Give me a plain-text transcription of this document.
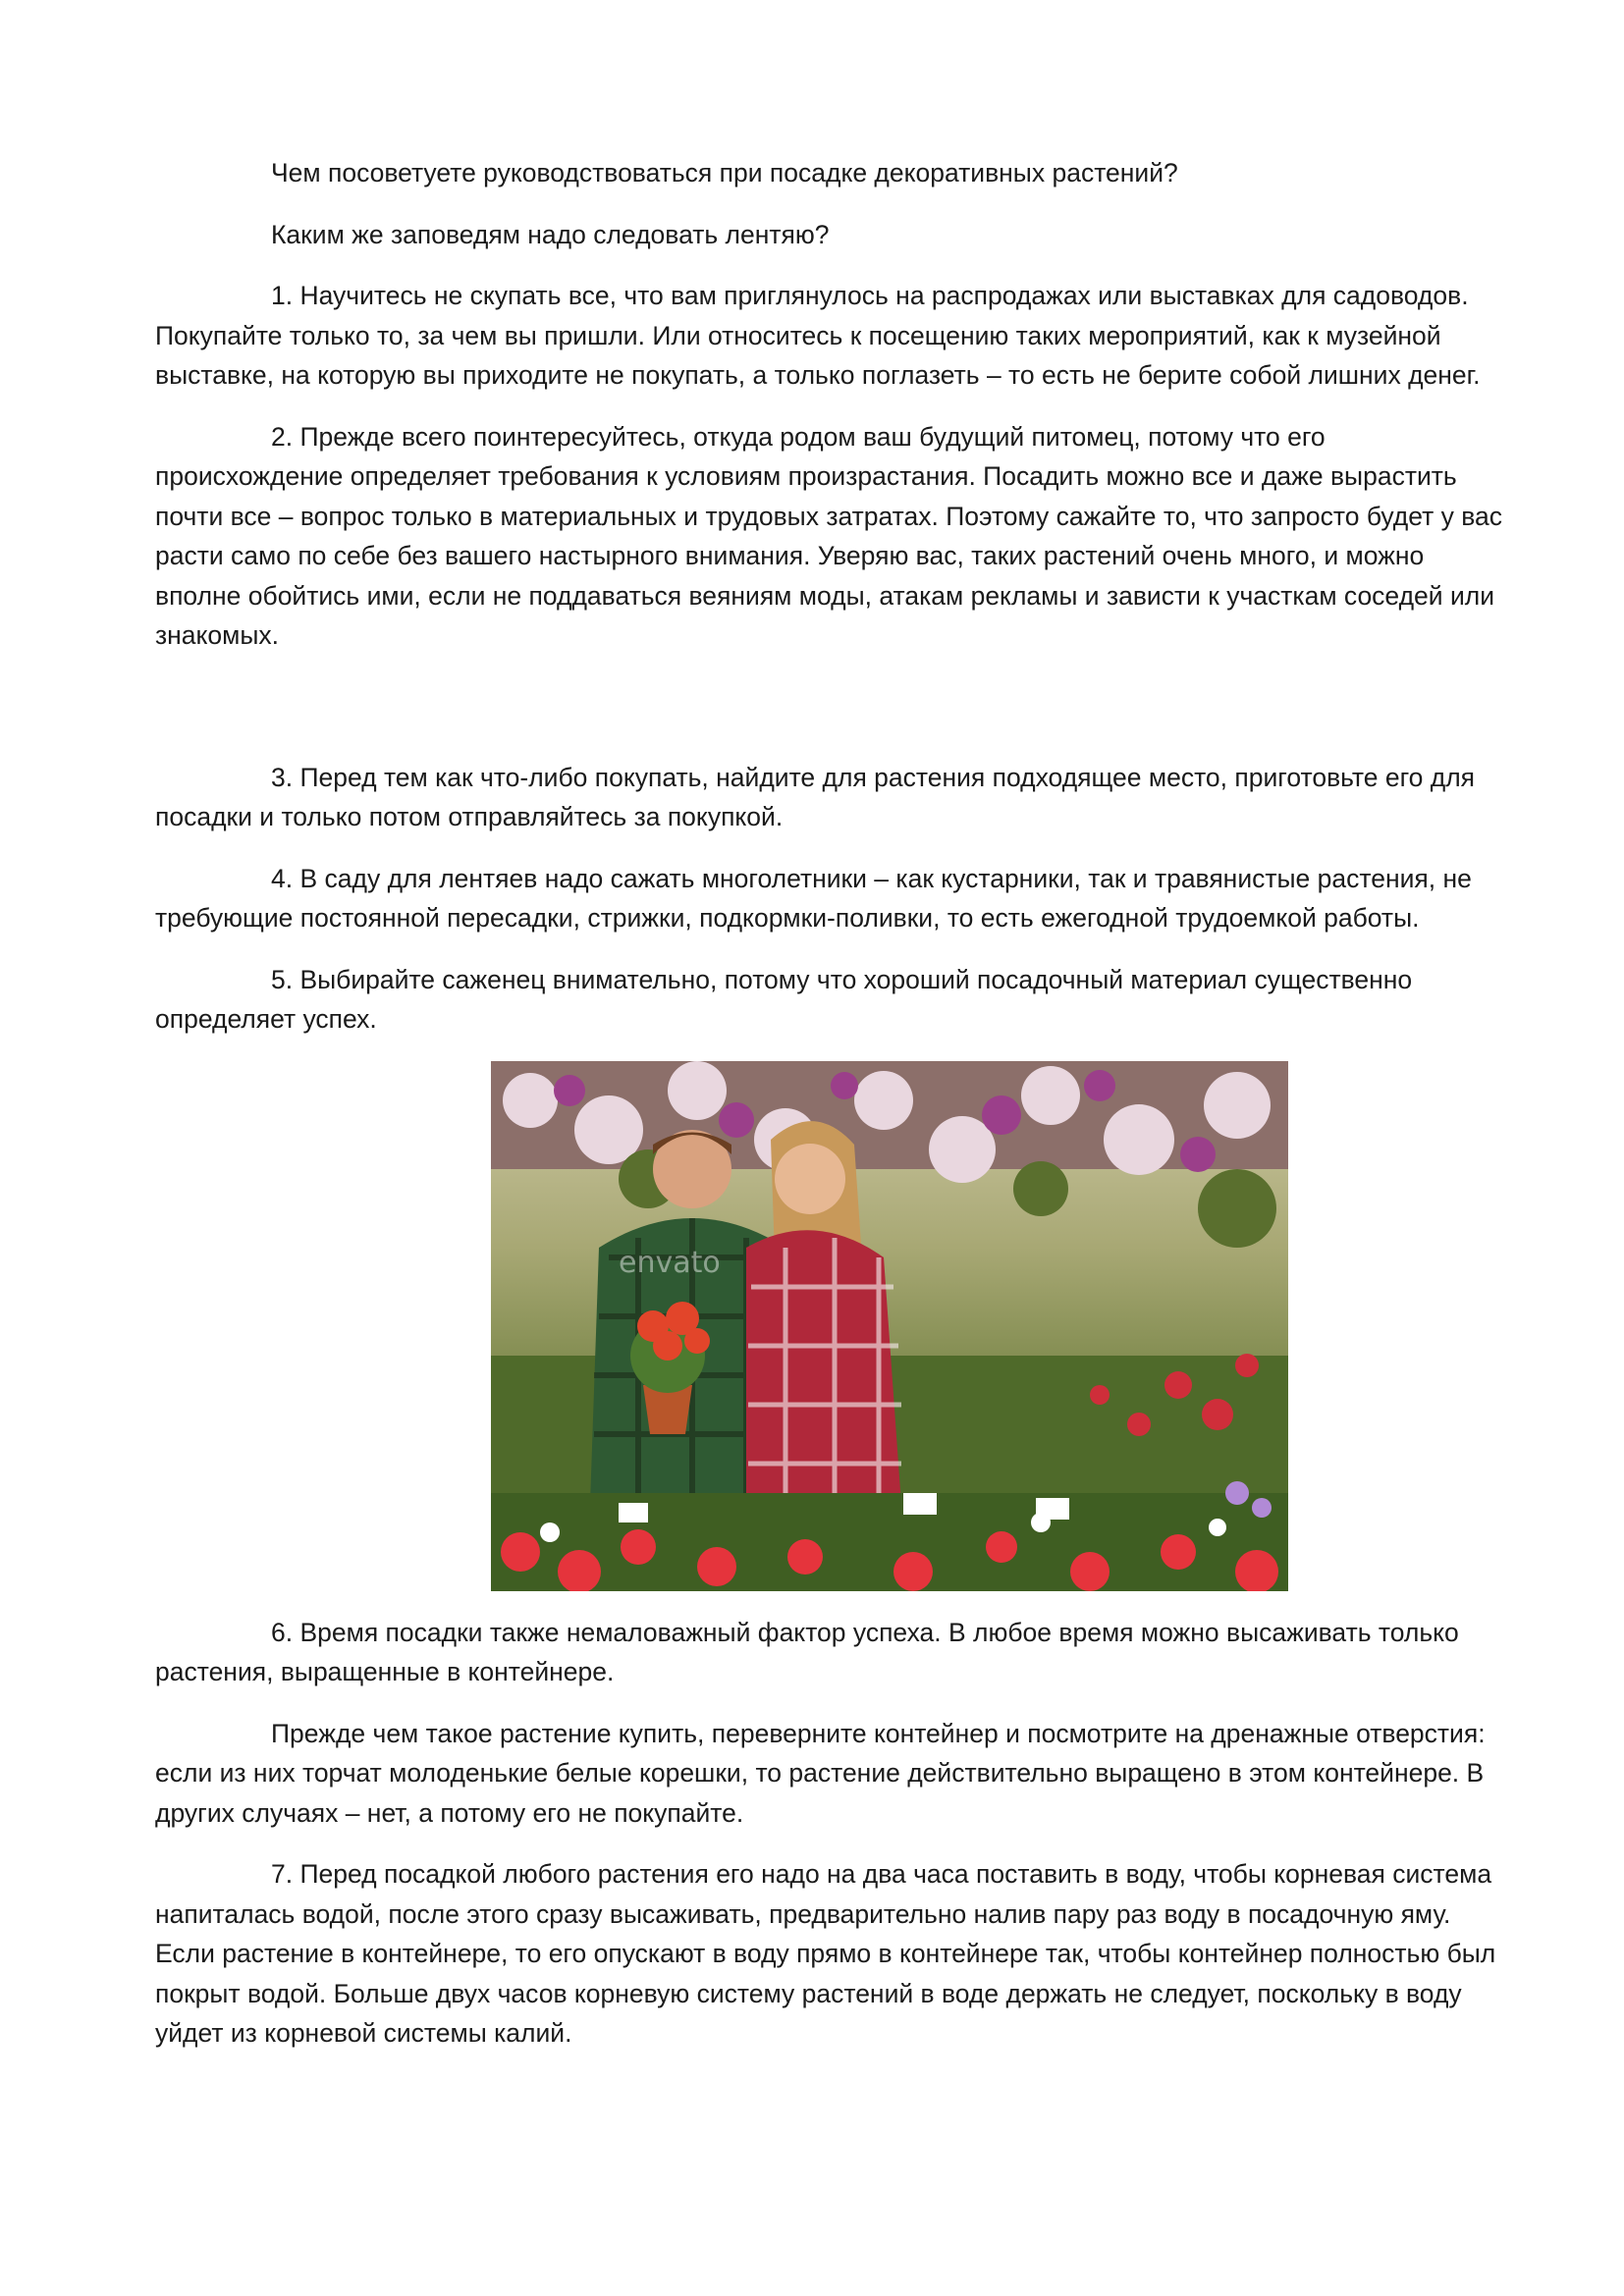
Чем посоветуете руководствоваться при посадке декоративных растений?

Каким же заповедям надо следовать лентяю?

1. Научитесь не скупать все, что вам приглянулось на распродажах или выставках для садоводов. Покупайте только то, за чем вы пришли. Или относитесь к посещению таких мероприятий, как к музейной выставке, на которую вы приходите не покупать, а только поглазеть – то есть не берите собой лишних денег.

2. Прежде всего поинтересуйтесь, откуда родом ваш будущий питомец, потому что его происхождение определяет требования к условиям произрастания. Посадить можно все и даже вырастить почти все – вопрос только в материальных и трудовых затратах. Поэтому сажайте то, что запросто будет у вас расти само по себе без вашего настырного внимания. Уверяю вас, таких растений очень много, и можно вполне обойтись ими, если не поддаваться веяниям моды, атакам рекламы и зависти к участкам соседей или знакомых.

3. Перед тем как что-либо покупать, найдите для растения подходящее место, приготовьте его для посадки и только потом отправляйтесь за покупкой.

4. В саду для лентяев надо сажать многолетники – как кустарники, так и травянистые растения, не требующие постоянной пересадки, стрижки, подкормки-поливки, то есть ежегодной трудоемкой работы.

5. Выбирайте саженец внимательно, потому что хороший посадочный материал существенно определяет успех.

envato

6. Время посадки также немаловажный фактор успеха. В любое время можно высаживать только растения, выращенные в контейнере.

Прежде чем такое растение купить, переверните контейнер и посмотрите на дренажные отверстия: если из них торчат молоденькие белые корешки, то растение действительно выращено в этом контейнере. В других случаях – нет, а потому его не покупайте.

7. Перед посадкой любого растения его надо на два часа поставить в воду, чтобы корневая система напиталась водой, после этого сразу высаживать, предварительно налив пару раз воду в посадочную яму. Если растение в контейнере, то его опускают в воду прямо в контейнере так, чтобы контейнер полностью был покрыт водой. Больше двух часов корневую систему растений в воде держать не следует, поскольку в воду уйдет из корневой системы калий.
